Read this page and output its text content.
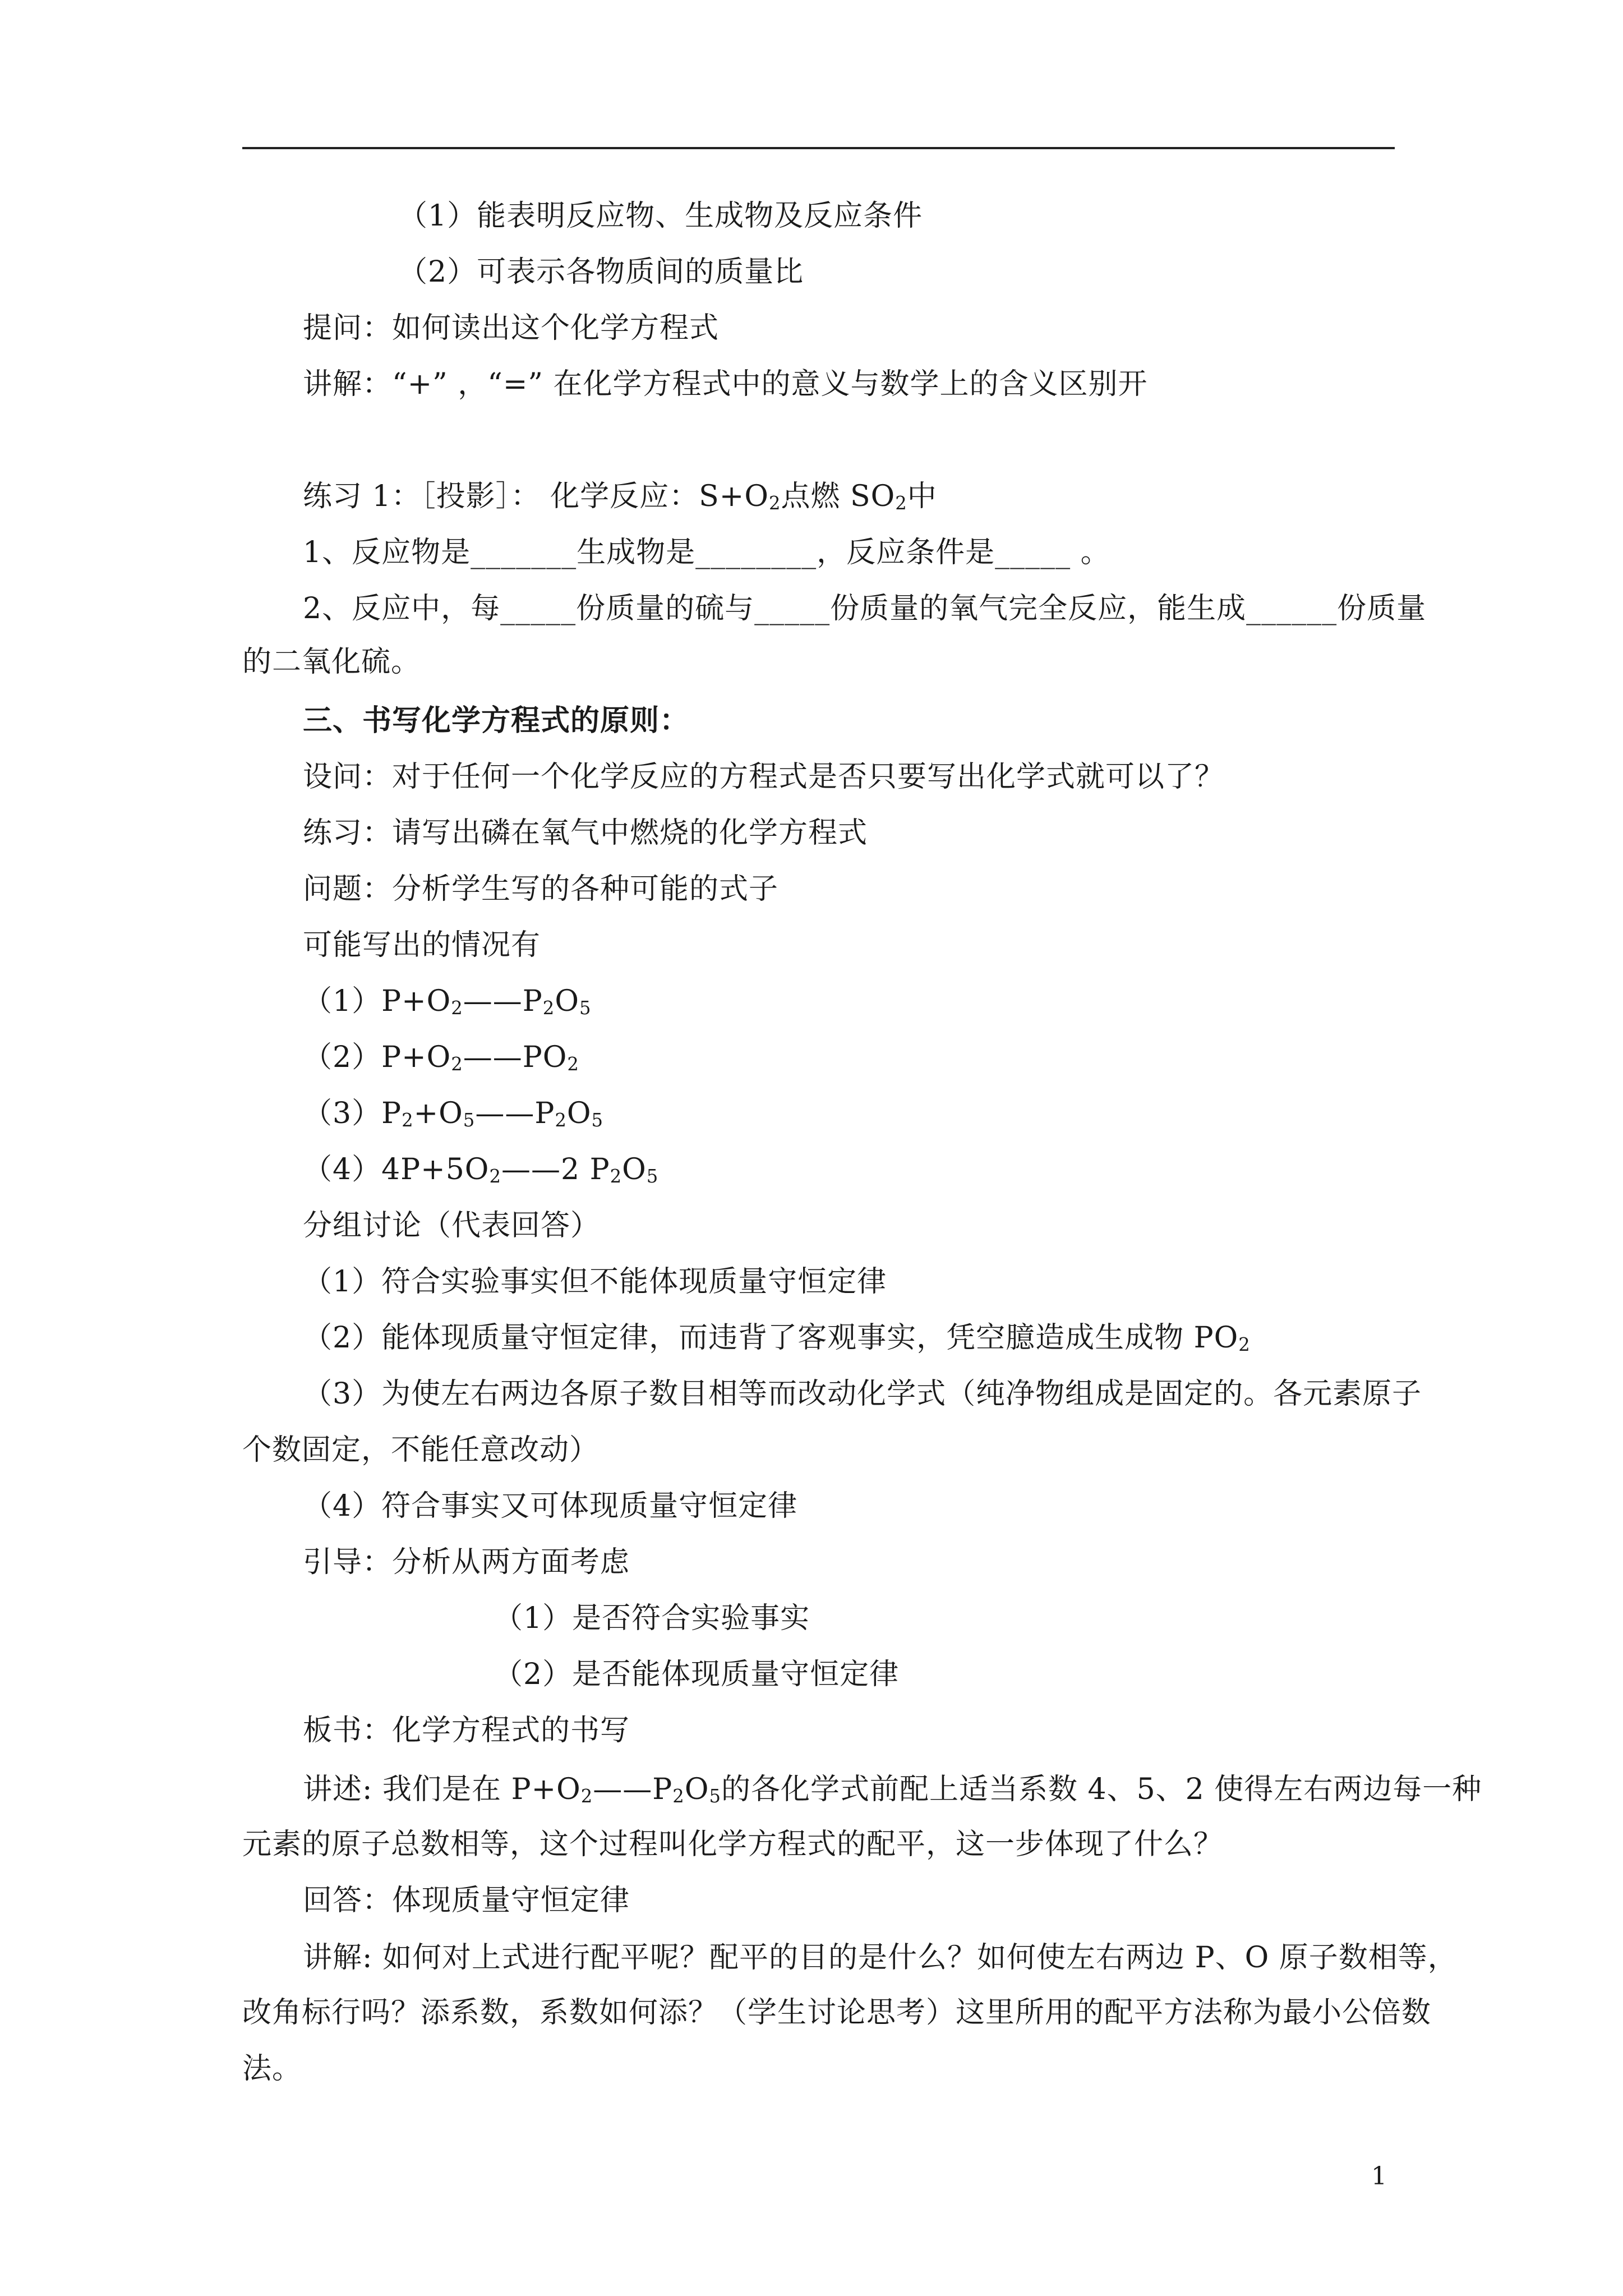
（1）能表明反应物、生成物及反应条件

（2）可表示各物质间的质量比

提问：如何读出这个化学方程式

讲解：“+” ，“=” 在化学方程式中的意义与数学上的含义区别开

练习 1：［投影］： 化学反应：$S+O_2$点燃 $SO_2$中

1、反应物是_______生成物是________，反应条件是_____ 。

2、反应中，每_____份质量的硫与_____份质量的氧气完全反应，能生成______份质量

的二氧化硫。

三、书写化学方程式的原则：

设问：对于任何一个化学反应的方程式是否只要写出化学式就可以了？

练习：请写出磷在氧气中燃烧的化学方程式

问题：分析学生写的各种可能的式子

可能写出的情况有

$(1)P+O_2——P_2O_5$

$(2)P+O_2——PO_2$

$(3)P_2+O_5——P_2O_5$

$(4)4P+5O_2——2$ $P_2O_5$

分组讨论（代表回答）

（1）符合实验事实但不能体现质量守恒定律

（2）能体现质量守恒定律，而违背了客观事实，凭空臆造成生成物 $PO_2$

（3）为使左右两边各原子数目相等而改动化学式（纯净物组成是固定的。各元素原子

个数固定，不能任意改动）

（4）符合事实又可体现质量守恒定律

引导：分析从两方面考虑

（1）是否符合实验事实

（2）是否能体现质量守恒定律

板书：化学方程式的书写

讲述: 我们是在 $P+O_2——P_2O_5$的各化学式前配上适当系数 4、5、2 使得左右两边每一种

元素的原子总数相等，这个过程叫化学方程式的配平，这一步体现了什么？

回答：体现质量守恒定律

讲解: 如何对上式进行配平呢？配平的目的是什么？如何使左右两边 P、O 原子数相等，

改角标行吗？添系数，系数如何添？（学生讨论思考）这里所用的配平方法称为最小公倍数

法。

1
